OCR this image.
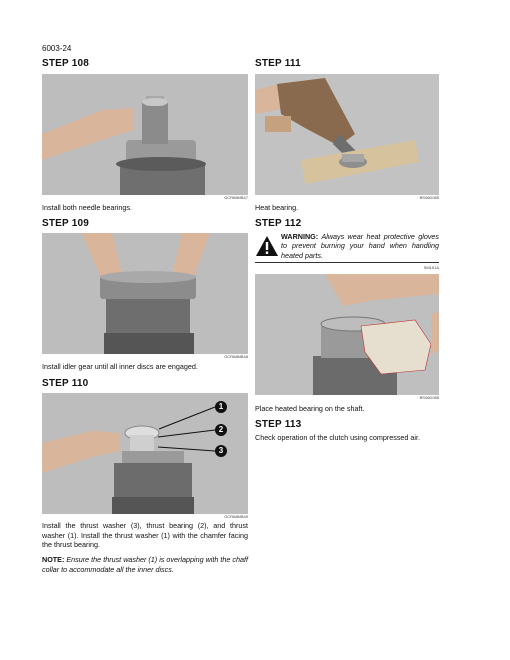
6003-24
STEP 108
GCR68MB47
Install both needle bearings.
STEP 109
GCR68MB48
Install idler gear until all inner discs are engaged.
STEP 110
1
2
3
GCR68MB49
Install the thrust washer (3), thrust bearing (2), and thrust washer (1). Install the thrust washer (1) with the chamfer facing the thrust bearing.
NOTE: Ensure the thrust washer (1) is overlapping with the chaff collar to accommodate all the inner discs.
STEP 111
BS06D085
Heat bearing.
STEP 112
WARNING: Always wear heat protective gloves to prevent burning your hand when handling heated parts.
SM151A
BS06D086
Place heated bearing on the shaft.
STEP 113
Check operation of the clutch using compressed air.
